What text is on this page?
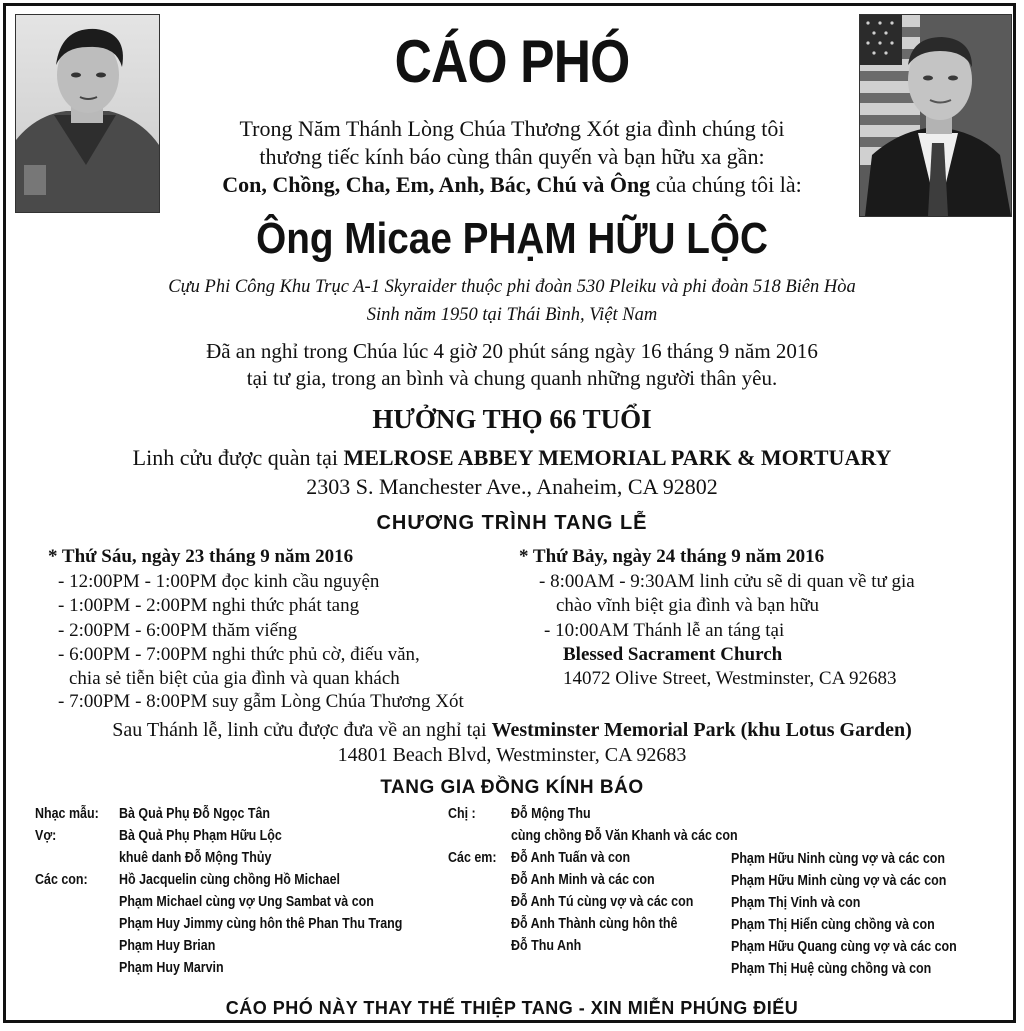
CÁO PHÓ
Trong Năm Thánh Lòng Chúa Thương Xót gia đình chúng tôi
thương tiếc kính báo cùng thân quyến và bạn hữu xa gần:
Con, Chồng, Cha, Em, Anh, Bác, Chú và Ông của chúng tôi là:
Ông Micae PHẠM HỮU LỘC
Cựu Phi Công Khu Trục A-1 Skyraider thuộc phi đoàn 530 Pleiku và phi đoàn 518 Biên Hòa
Sinh năm 1950 tại Thái Bình, Việt Nam
Đã an nghỉ trong Chúa lúc 4 giờ 20 phút sáng ngày 16 tháng 9 năm 2016
tại tư gia, trong an bình và chung quanh những người thân yêu.
HƯỞNG THỌ 66 TUỔI
Linh cửu được quàn tại MELROSE ABBEY MEMORIAL PARK & MORTUARY
2303 S. Manchester Ave., Anaheim, CA 92802
CHƯƠNG TRÌNH TANG LỄ
* Thứ Sáu, ngày 23 tháng 9 năm 2016
- 12:00PM - 1:00PM đọc kinh cầu nguyện
- 1:00PM - 2:00PM nghi thức phát tang
- 2:00PM - 6:00PM thăm viếng
- 6:00PM - 7:00PM nghi thức phủ cờ, điếu văn,
chia sẻ tiễn biệt của gia đình và quan khách
- 7:00PM - 8:00PM suy gẫm Lòng Chúa Thương Xót
* Thứ Bảy, ngày 24 tháng 9 năm 2016
- 8:00AM - 9:30AM linh cửu sẽ di quan về tư gia
chào vĩnh biệt gia đình và bạn hữu
- 10:00AM Thánh lễ an táng tại
Blessed Sacrament Church
14072 Olive Street, Westminster, CA 92683
Sau Thánh lễ, linh cửu được đưa về an nghỉ tại Westminster Memorial Park (khu Lotus Garden)
14801 Beach Blvd, Westminster, CA 92683
TANG GIA ĐỒNG KÍNH BÁO
Nhạc mẫu: Bà Quả Phụ Đỗ Ngọc Tân
Vợ:	Bà Quả Phụ Phạm Hữu Lộc
khuê danh Đỗ Mộng Thủy
Các con: Hồ Jacquelin cùng chồng Hồ Michael
Phạm Michael cùng vợ Ung Sambat và con
Phạm Huy Jimmy cùng hôn thê Phan Thu Trang
Phạm Huy Brian
Phạm Huy Marvin
Chị : Đỗ Mộng Thu
cùng chồng Đỗ Văn Khanh và các con
Các em: Đỗ Anh Tuấn và con
Đỗ Anh Minh và các con
Đỗ Anh Tú cùng vợ và các con
Đỗ Anh Thành cùng hôn thê
Đỗ Thu Anh
Phạm Hữu Ninh cùng vợ và các con
Phạm Hữu Minh cùng vợ và các con
Phạm Thị Vinh và con
Phạm Thị Hiển cùng chồng và con
Phạm Hữu Quang cùng vợ và các con
Phạm Thị Huệ cùng chồng và con
CÁO PHÓ NÀY THAY THẾ THIỆP TANG - XIN MIỄN PHÚNG ĐIẾU
